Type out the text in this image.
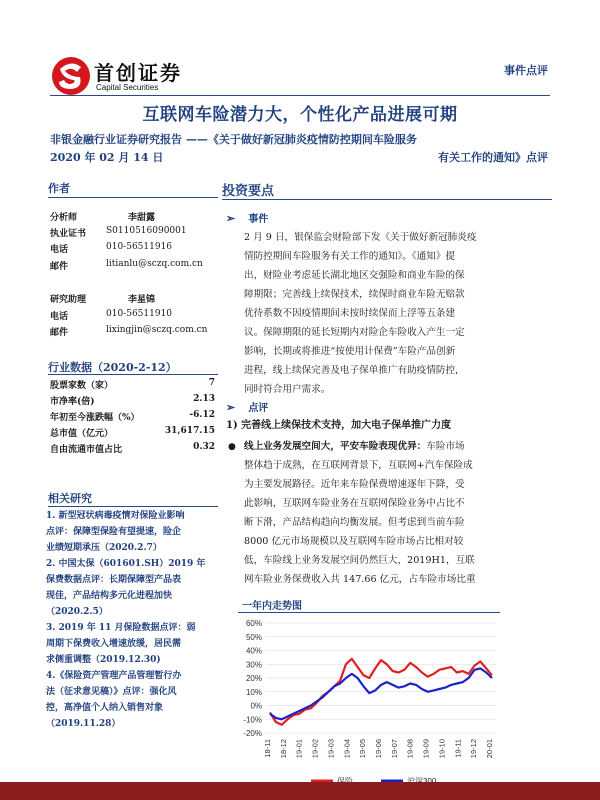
首创证券
Capital Securities
事件点评
互联网车险潜力大，个性化产品进展可期
非银金融行业证券研究报告 ——《关于做好新冠肺炎疫情防控期间车险服务
2020 年 02 月 14 日	有关工作的通知》点评
作者
分析师	李甜露
执业证书	S0110516090001
电话	010-56511916
邮件	litianlu@sczq.com.cn
研究助理	李星锦
电话	010-56511910
邮件	lixingjin@sczq.com.cn
行业数据（2020-2-12）
股票家数（家）	7
市净率(倍)	2.13
年初至今涨跌幅（%）	-6.12
总市值（亿元）	31,617.15
自由流通市值占比	0.32
相关研究
1. 新型冠状病毒疫情对保险业影响
点评：保障型保险有望提速，险企
业绩短期承压（2020.2.7）
2. 中国太保（601601.SH）2019 年
保费数据点评：长期保障型产品表
现佳，产品结构多元化进程加快
（2020.2.5）
3. 2019 年 11 月保险数据点评：弱
周期下保费收入增速放缓，居民需
求侧重调整（2019.12.30)
4.《保险资产管理产品管理暂行办
法（征求意见稿）》点评：强化风
控，高净值个人纳入销售对象
（2019.11.28）
投资要点
➢ 事件
2 月 9 日，银保监会财险部下发《关于做好新冠肺炎疫
情防控期间车险服务有关工作的通知》。《通知》提
出，财险业考虑延长湖北地区交强险和商业车险的保
障期限；完善线上续保技术，续保时商业车险无赔款
优待系数不因疫情期间未按时续保而上浮等五条建
议。保障期限的延长短期内对险企车险收入产生一定
影响，长期或将推进“按使用计保费”车险产品创新
进程，线上续保完善及电子保单推广有助疫情防控，
同时符合用户需求。
➢ 点评
1) 完善线上续保技术支持，加大电子保单推广力度
● 线上业务发展空间大，平安车险表现优异：车险市场
整体趋于成熟，在互联网背景下，互联网+汽车保险成
为主要发展路径。近年来车险保费增速逐年下降，受
此影响，互联网车险业务在互联网保险业务中占比不
断下滑，产品结构趋向均衡发展。但考虑到当前车险
8000 亿元市场规模以及互联网车险市场占比相对较
低，车险线上业务发展空间仍然巨大，2019H1，互联
网车险业务保费收入共 147.66 亿元，占车险市场比重
一年内走势图
60%
50%
40%
30%
20%
10%
0%
-10%
-20%
18-11 18-12 19-01 19-02 19-03 19-04 19-05 19-06 19-07 19-08 19-09 19-10 19-11 19-12 20-01
